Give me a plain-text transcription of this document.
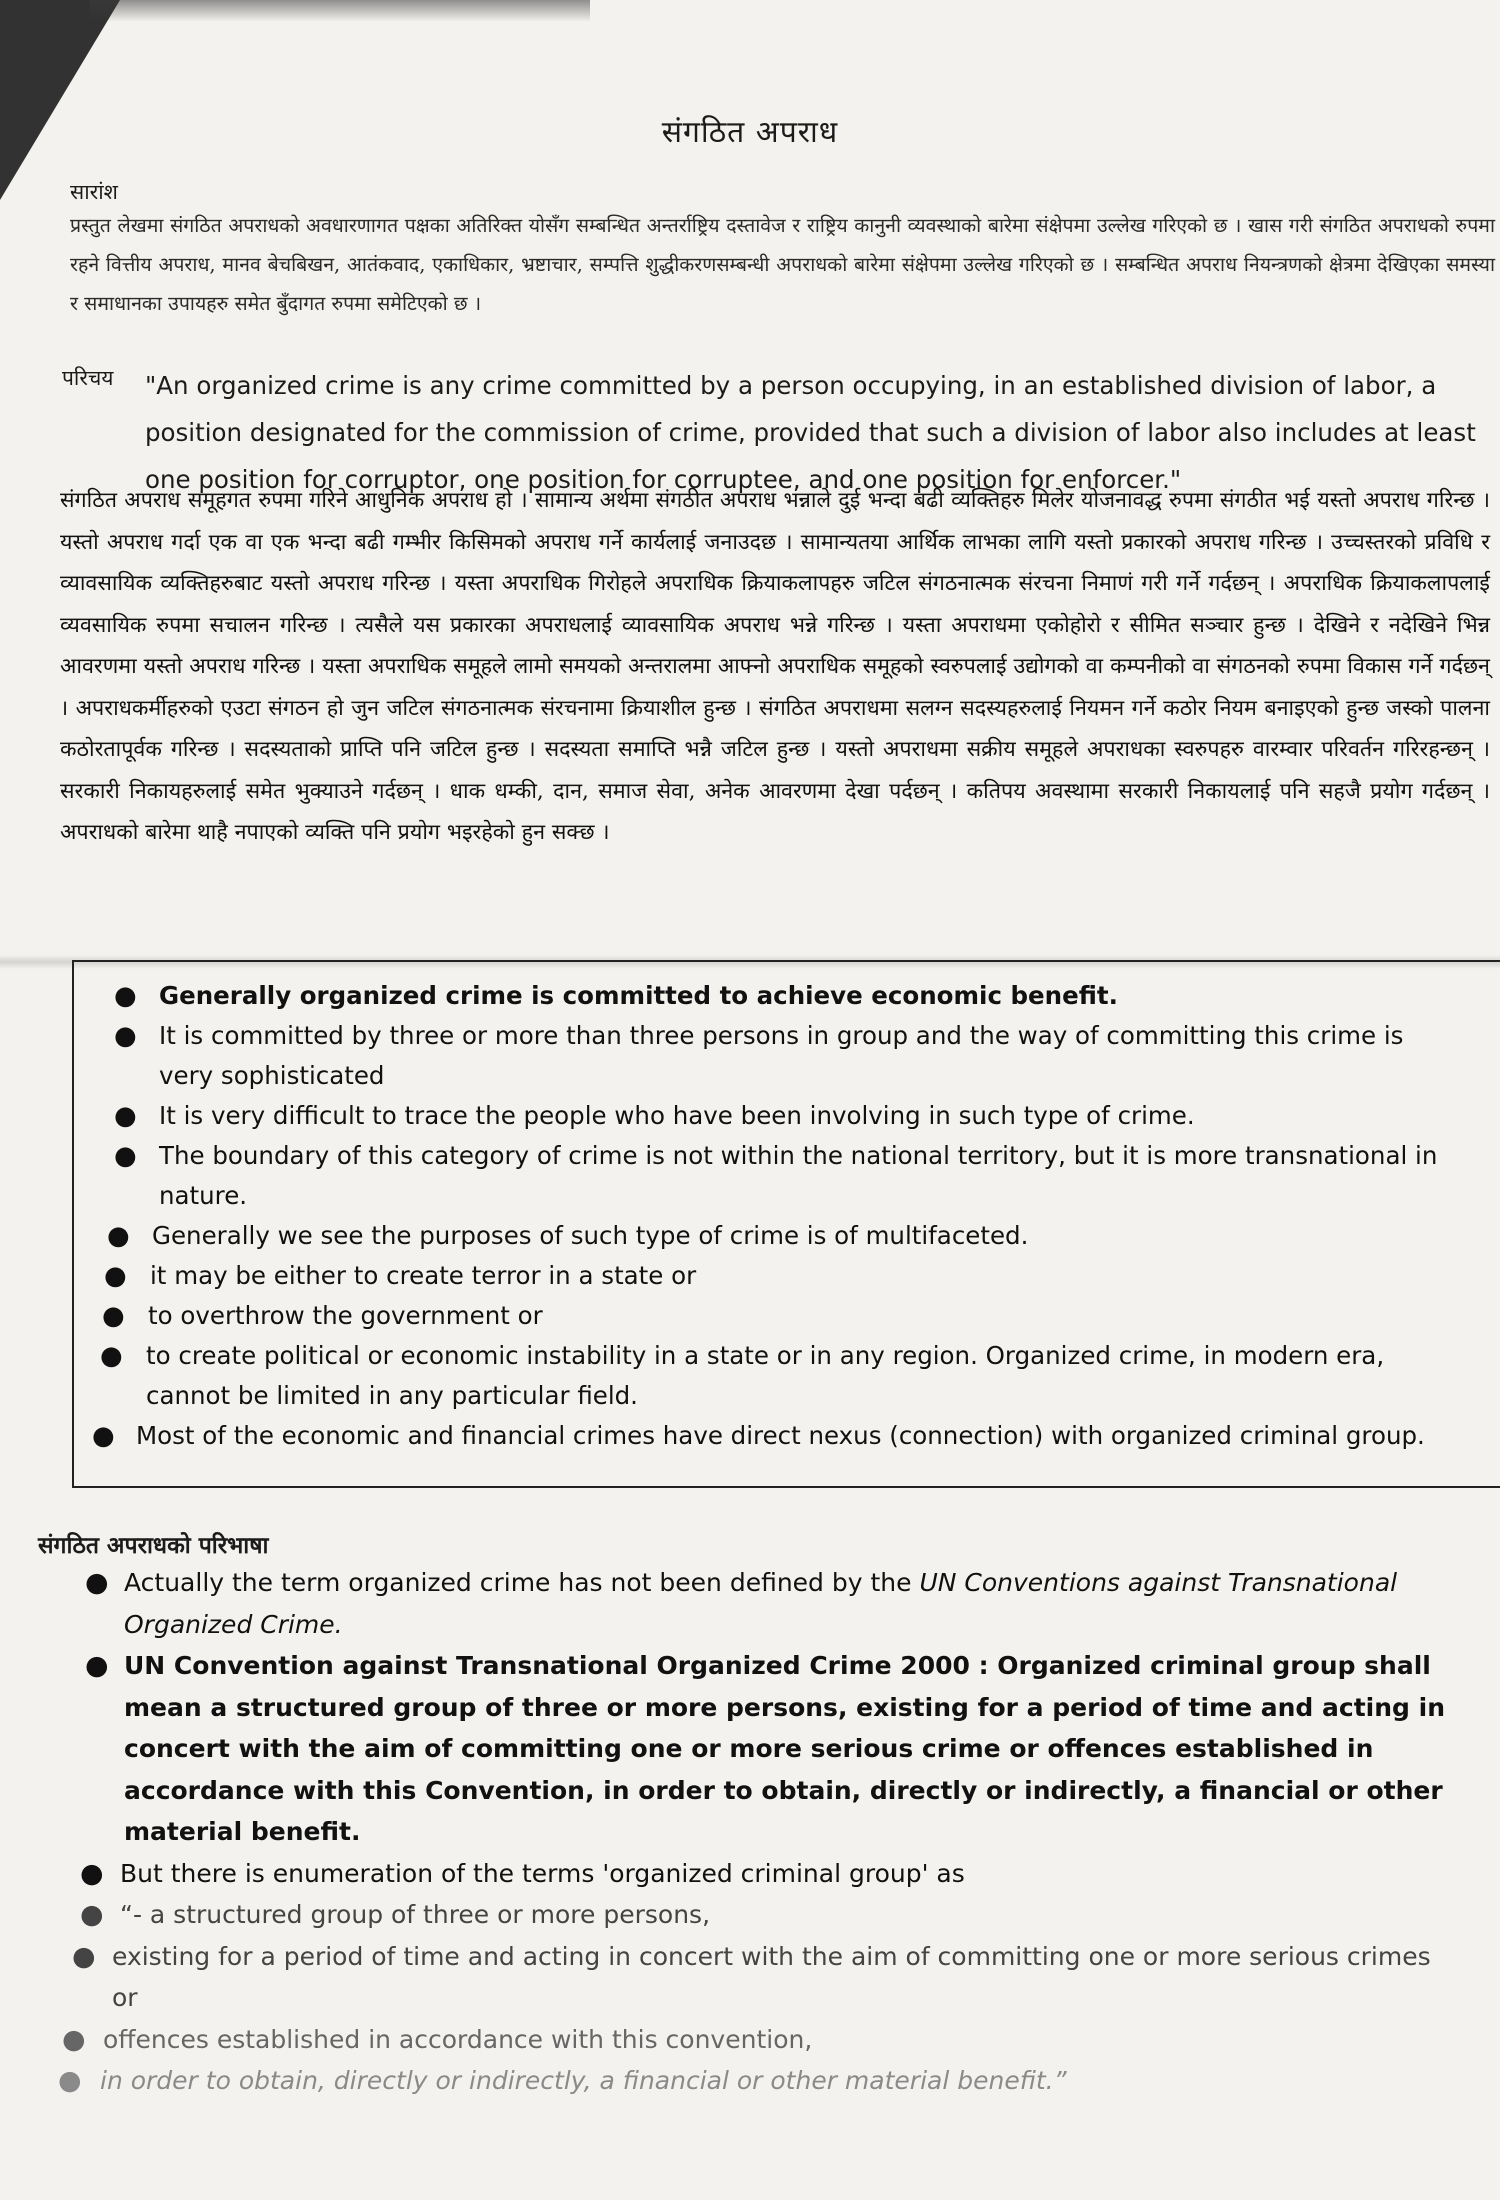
संगठित अपराध
सारांश
प्रस्तुत लेखमा संगठित अपराधको अवधारणागत पक्षका अतिरिक्त योसँग सम्बन्धित अन्तर्राष्ट्रिय दस्तावेज र राष्ट्रिय कानुनी व्यवस्थाको बारेमा संक्षेपमा उल्लेख गरिएको छ । खास गरी संगठित अपराधको रुपमा रहने वित्तीय अपराध, मानव बेचबिखन, आतंकवाद, एकाधिकार, भ्रष्टाचार, सम्पत्ति शुद्धीकरणसम्बन्धी अपराधको बारेमा संक्षेपमा उल्लेख गरिएको छ । सम्बन्धित अपराध नियन्त्रणको क्षेत्रमा देखिएका समस्या र समाधानका उपायहरु समेत बुँदागत रुपमा समेटिएको छ ।
परिचय "An organized crime is any crime committed by a person occupying, in an established division of labor, a position designated for the commission of crime, provided that such a division of labor also includes at least one position for corruptor, one position for corruptee, and one position for enforcer."
संगठित अपराध समूहगत रुपमा गरिने आधुनिक अपराध हो । सामान्य अर्थमा संगठीत अपराध भन्नाले दुई भन्दा बढी व्यक्तिहरु मिलेर योजनावद्ध रुपमा संगठीत भई यस्तो अपराध गरिन्छ । यस्तो अपराध गर्दा एक वा एक भन्दा बढी गम्भीर किसिमको अपराध गर्ने कार्यलाई जनाउदछ । सामान्यतया आर्थिक लाभका लागि यस्तो प्रकारको अपराध गरिन्छ । उच्चस्तरको प्रविधि र व्यावसायिक व्यक्तिहरुबाट यस्तो अपराध गरिन्छ । यस्ता अपराधिक गिरोहले अपराधिक क्रियाकलापहरु जटिल संगठनात्मक संरचना निमाणं गरी गर्ने गर्दछन् । अपराधिक क्रियाकलापलाई व्यवसायिक रुपमा सचालन गरिन्छ । त्यसैले यस प्रकारका अपराधलाई व्यावसायिक अपराध भन्ने गरिन्छ । यस्ता अपराधमा एकोहोरो र सीमित सञ्चार हुन्छ । देखिने र नदेखिने भिन्न आवरणमा यस्तो अपराध गरिन्छ । यस्ता अपराधिक समूहले लामो समयको अन्तरालमा आफ्नो अपराधिक समूहको स्वरुपलाई उद्योगको वा कम्पनीको वा संगठनको रुपमा विकास गर्ने गर्दछन् । अपराधकर्मीहरुको एउटा संगठन हो जुन जटिल संगठनात्मक संरचनामा क्रियाशील हुन्छ । संगठित अपराधमा सलग्न सदस्यहरुलाई नियमन गर्ने कठोर नियम बनाइएको हुन्छ जस्को पालना कठोरतापूर्वक गरिन्छ । सदस्यताको प्राप्ति पनि जटिल हुन्छ । सदस्यता समाप्ति भन्नै जटिल हुन्छ । यस्तो अपराधमा सक्रीय समूहले अपराधका स्वरुपहरु वारम्वार परिवर्तन गरिरहन्छन् । सरकारी निकायहरुलाई समेत भुक्याउने गर्दछन् । धाक धम्की, दान, समाज सेवा, अनेक आवरणमा देखा पर्दछन् । कतिपय अवस्थामा सरकारी निकायलाई पनि सहजै प्रयोग गर्दछन् । अपराधको बारेमा थाहै नपाएको व्यक्ति पनि प्रयोग भइरहेको हुन सक्छ ।
● Generally organized crime is committed to achieve economic benefit.
● It is committed by three or more than three persons in group and the way of committing this crime is very sophisticated
● It is very difficult to trace the people who have been involving in such type of crime.
● The boundary of this category of crime is not within the national territory, but it is more transnational in nature.
● Generally we see the purposes of such type of crime is of multifaceted.
● it may be either to create terror in a state or
● to overthrow the government or
● to create political or economic instability in a state or in any region. Organized crime, in modern era, cannot be limited in any particular field.
● Most of the economic and financial crimes have direct nexus (connection) with organized criminal group.
संगठित अपराधको परिभाषा
● Actually the term organized crime has not been defined by the UN Conventions against Transnational Organized Crime.
● UN Convention against Transnational Organized Crime 2000 : Organized criminal group shall mean a structured group of three or more persons, existing for a period of time and acting in concert with the aim of committing one or more serious crime or offences established in accordance with this Convention, in order to obtain, directly or indirectly, a financial or other material benefit.
● But there is enumeration of the terms 'organized criminal group' as
● “- a structured group of three or more persons,
● existing for a period of time and acting in concert with the aim of committing one or more serious crimes or
● offences established in accordance with this convention,
● in order to obtain, directly or indirectly, a financial or other material benefit.”
